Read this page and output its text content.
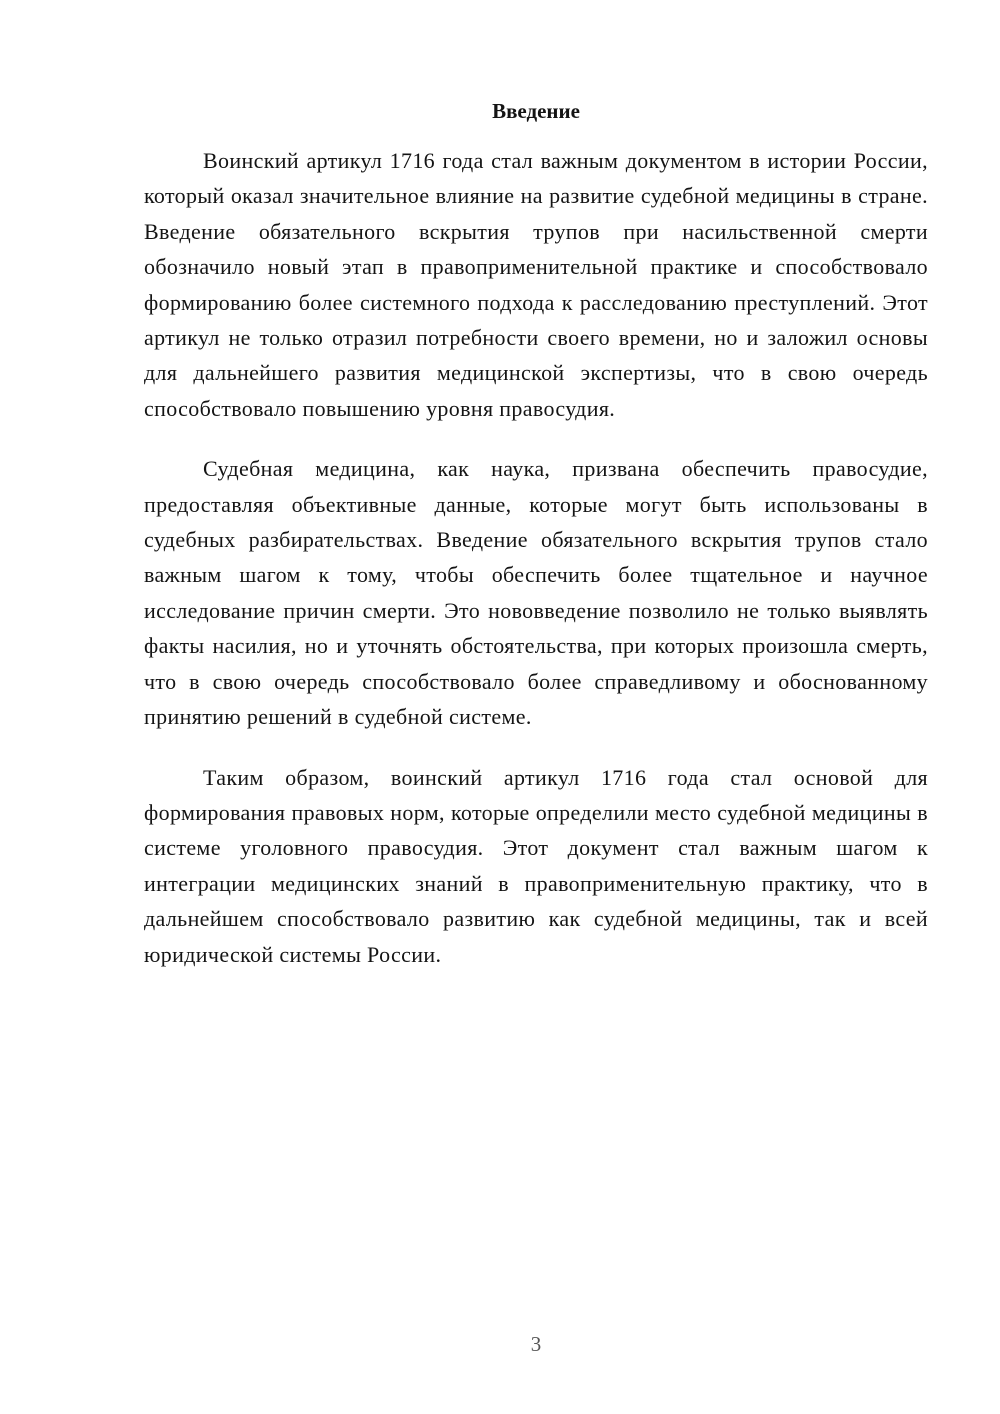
Введение

Воинский артикул 1716 года стал важным документом в истории России, который оказал значительное влияние на развитие судебной медицины в стране. Введение обязательного вскрытия трупов при насильственной смерти обозначило новый этап в правоприменительной практике и способствовало формированию более системного подхода к расследованию преступлений. Этот артикул не только отразил потребности своего времени, но и заложил основы для дальнейшего развития медицинской экспертизы, что в свою очередь способствовало повышению уровня правосудия.

Судебная медицина, как наука, призвана обеспечить правосудие, предоставляя объективные данные, которые могут быть использованы в судебных разбирательствах. Введение обязательного вскрытия трупов стало важным шагом к тому, чтобы обеспечить более тщательное и научное исследование причин смерти. Это нововведение позволило не только выявлять факты насилия, но и уточнять обстоятельства, при которых произошла смерть, что в свою очередь способствовало более справедливому и обоснованному принятию решений в судебной системе.

Таким образом, воинский артикул 1716 года стал основой для формирования правовых норм, которые определили место судебной медицины в системе уголовного правосудия. Этот документ стал важным шагом к интеграции медицинских знаний в правоприменительную практику, что в дальнейшем способствовало развитию как судебной медицины, так и всей юридической системы России.

3
